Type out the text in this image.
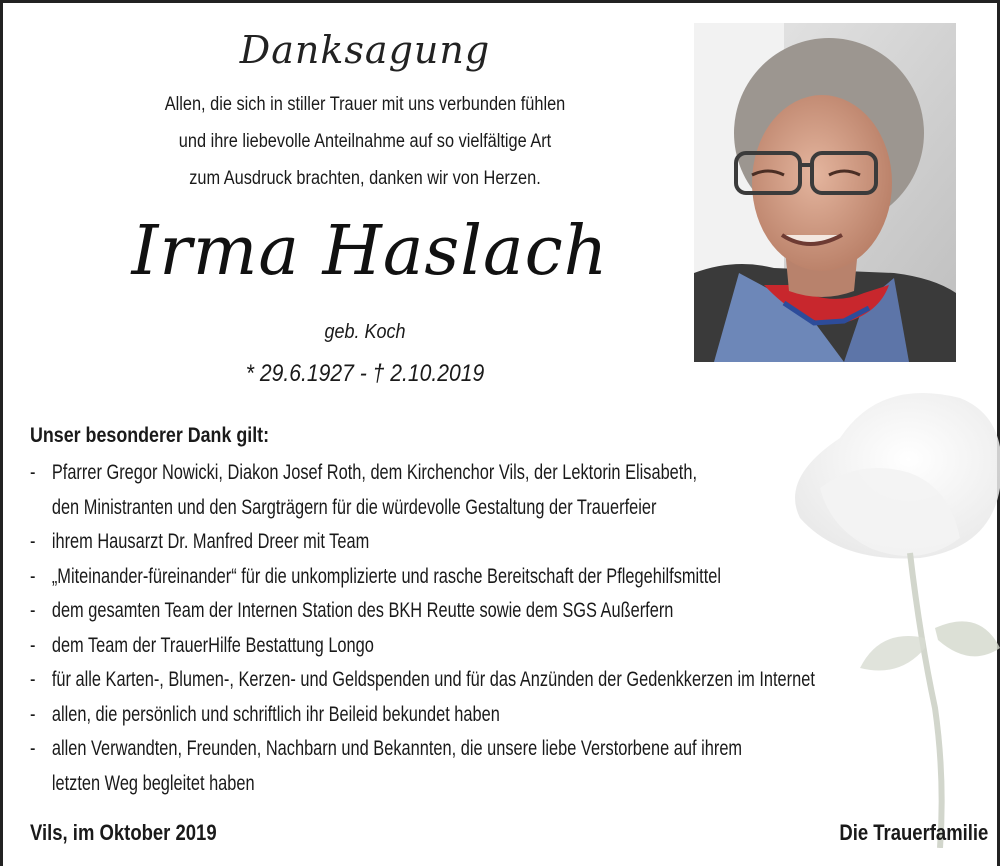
Danksagung
Allen, die sich in stiller Trauer mit uns verbunden fühlen
und ihre liebevolle Anteilnahme auf so vielfältige Art
zum Ausdruck brachten, danken wir von Herzen.
Irma Haslach
geb. Koch
* 29.6.1927 - † 2.10.2019
Unser besonderer Dank gilt:
- Pfarrer Gregor Nowicki, Diakon Josef Roth, dem Kirchenchor Vils, der Lektorin Elisabeth,
den Ministranten und den Sargträgern für die würdevolle Gestaltung der Trauerfeier
- ihrem Hausarzt Dr. Manfred Dreer mit Team
- „Miteinander-füreinander“ für die unkomplizierte und rasche Bereitschaft der Pflegehilfsmittel
- dem gesamten Team der Internen Station des BKH Reutte sowie dem SGS Außerfern
- dem Team der TrauerHilfe Bestattung Longo
- für alle Karten-, Blumen-, Kerzen- und Geldspenden und für das Anzünden der Gedenkkerzen im Internet
- allen, die persönlich und schriftlich ihr Beileid bekundet haben
- allen Verwandten, Freunden, Nachbarn und Bekannten, die unsere liebe Verstorbene auf ihrem
letzten Weg begleitet haben
Vils, im Oktober 2019	Die Trauerfamilie
